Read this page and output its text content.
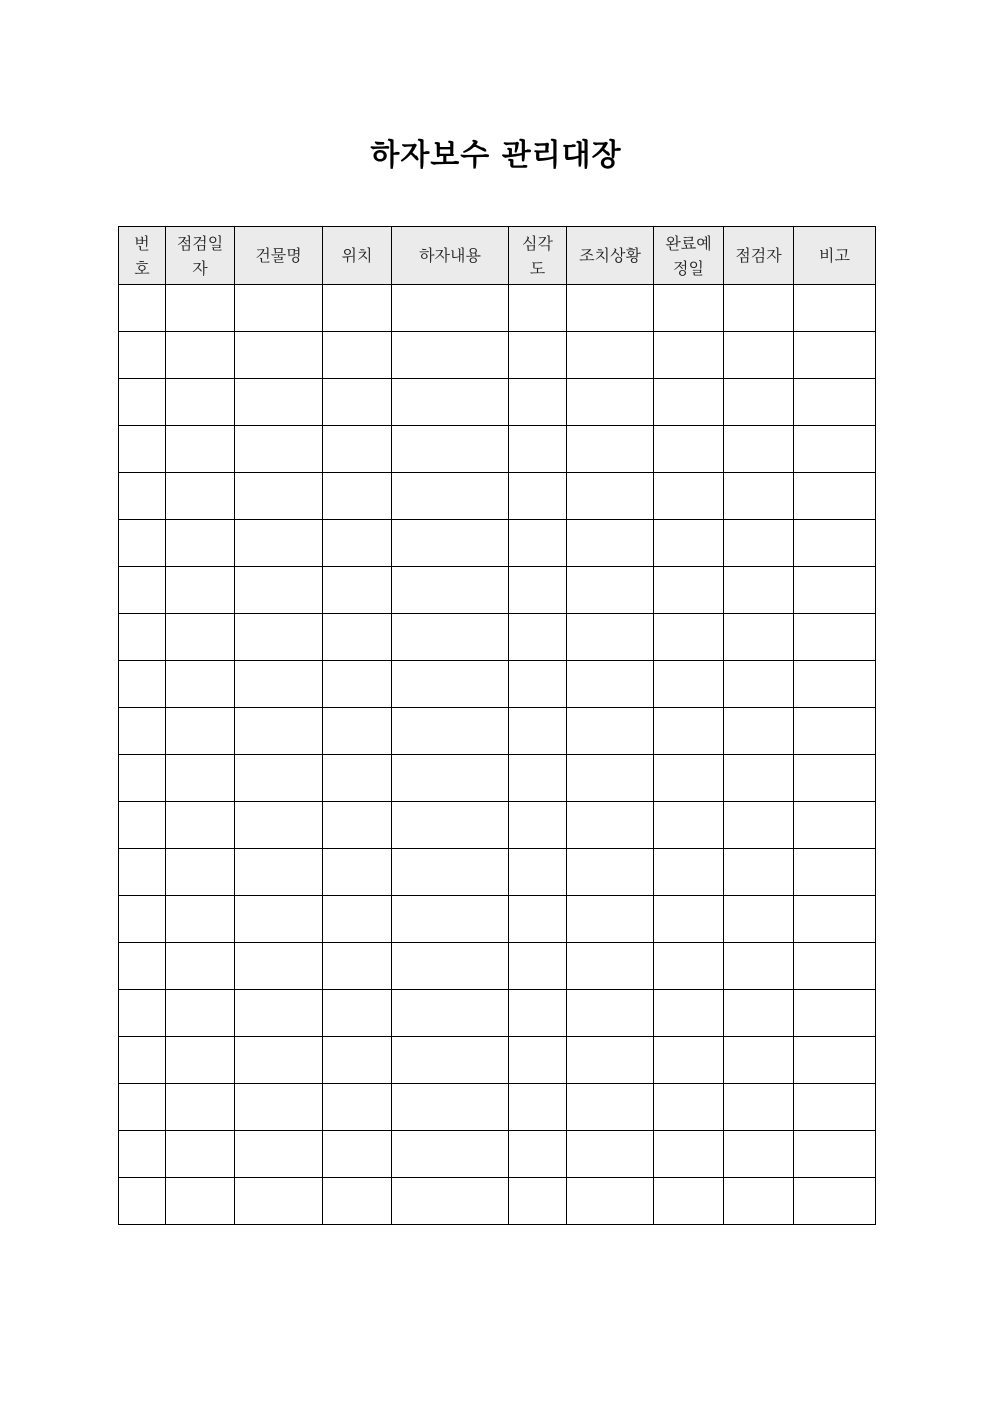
하자보수 관리대장
번호	점검일자	건물명	위치	하자내용	심각도	조치상황	완료예정일	점검자	비고
